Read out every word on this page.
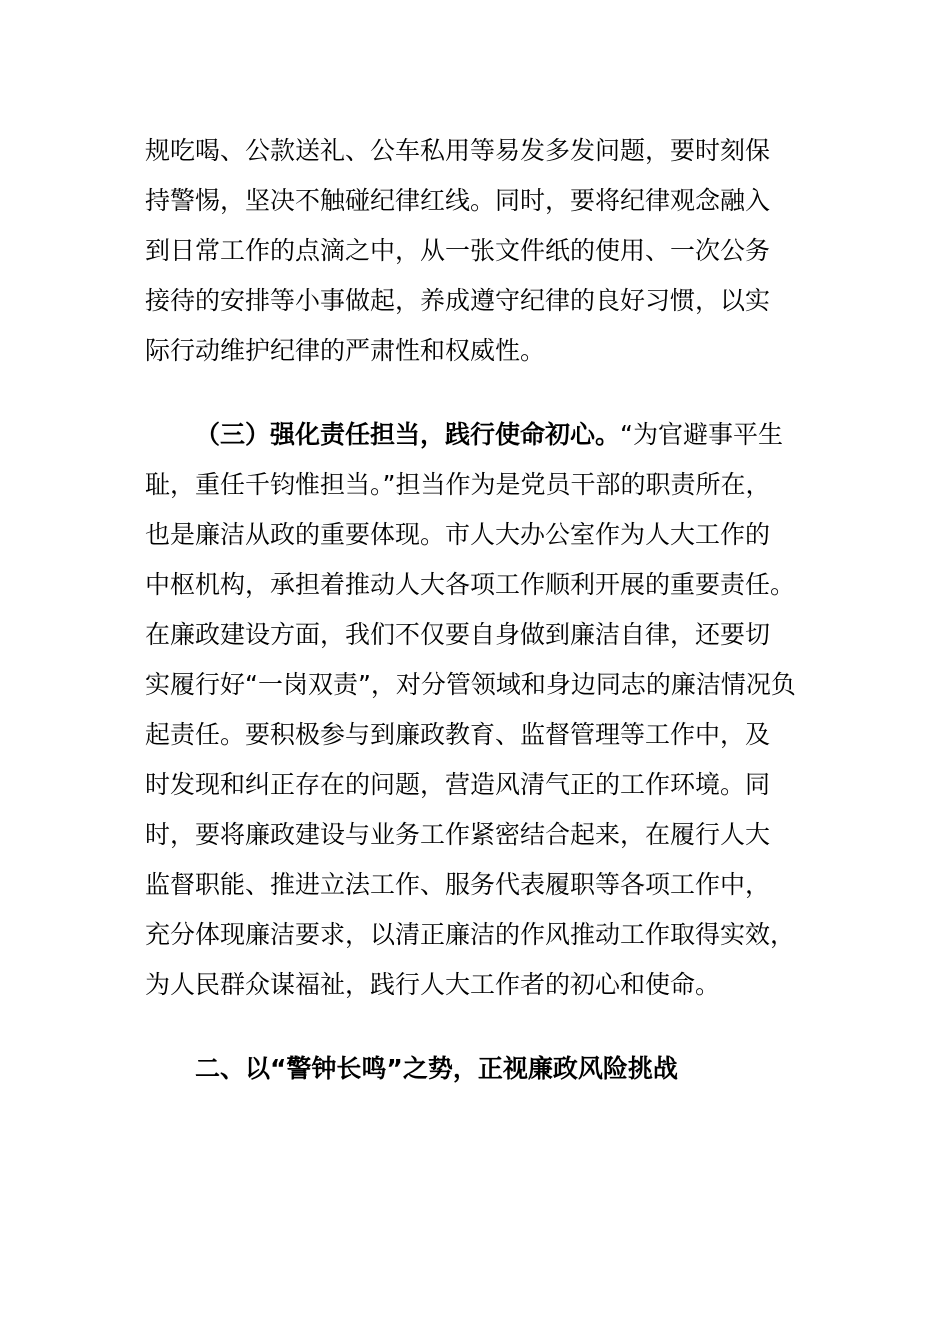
规吃喝、公款送礼、公车私用等易发多发问题，要时刻保
持警惕，坚决不触碰纪律红线。同时，要将纪律观念融入
到日常工作的点滴之中，从一张文件纸的使用、一次公务
接待的安排等小事做起，养成遵守纪律的良好习惯，以实
际行动维护纪律的严肃性和权威性。
（三）强化责任担当，践行使命初心。“为官避事平生
耻，重任千钧惟担当。”担当作为是党员干部的职责所在，
也是廉洁从政的重要体现。市人大办公室作为人大工作的
中枢机构，承担着推动人大各项工作顺利开展的重要责任。
在廉政建设方面，我们不仅要自身做到廉洁自律，还要切
实履行好“一岗双责”，对分管领域和身边同志的廉洁情况负
起责任。要积极参与到廉政教育、监督管理等工作中，及
时发现和纠正存在的问题，营造风清气正的工作环境。同
时，要将廉政建设与业务工作紧密结合起来，在履行人大
监督职能、推进立法工作、服务代表履职等各项工作中，
充分体现廉洁要求，以清正廉洁的作风推动工作取得实效，
为人民群众谋福祉，践行人大工作者的初心和使命。
二、以“警钟长鸣”之势，正视廉政风险挑战
